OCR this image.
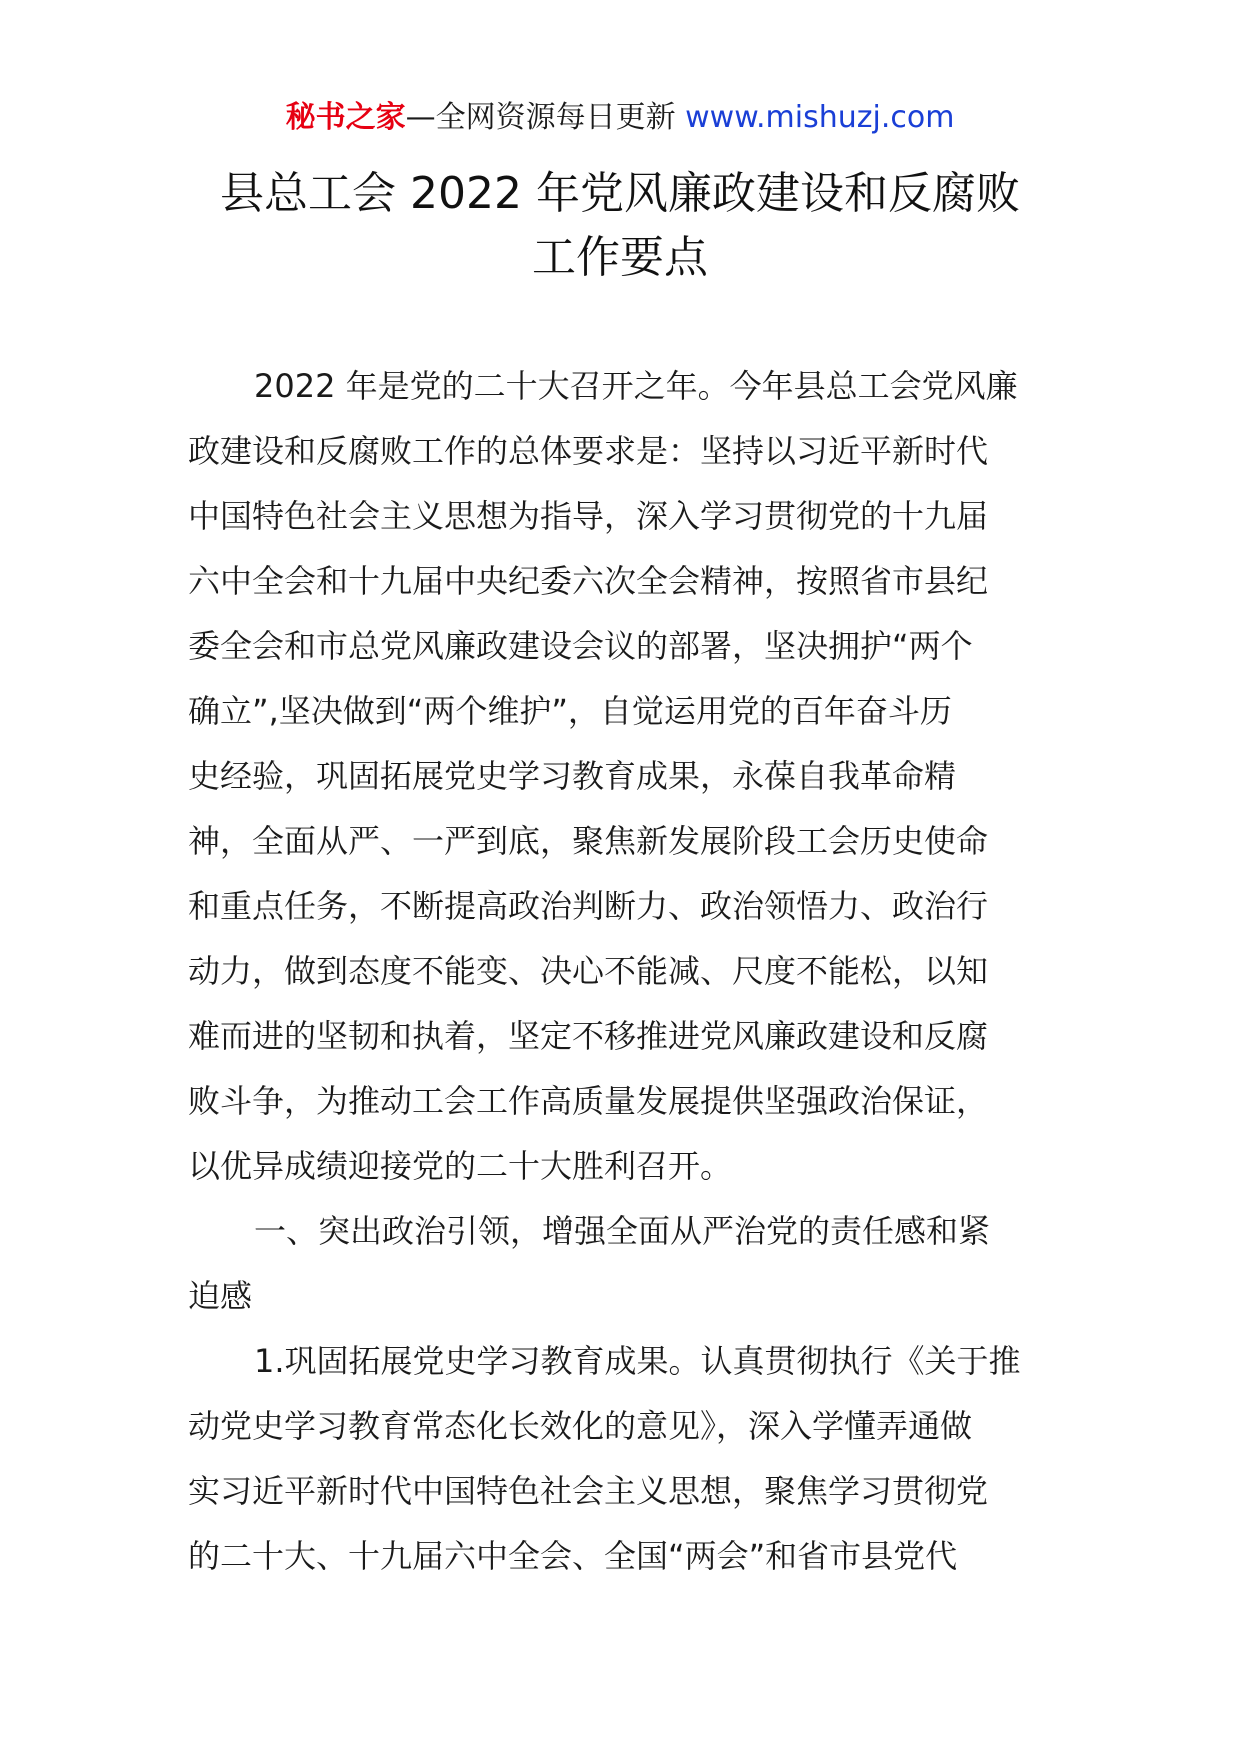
秘书之家—全网资源每日更新 www.mishuzj.com
县总工会 2022 年党风廉政建设和反腐败
工作要点
2022 年是党的二十大召开之年。今年县总工会党风廉
政建设和反腐败工作的总体要求是：坚持以习近平新时代
中国特色社会主义思想为指导，深入学习贯彻党的十九届
六中全会和十九届中央纪委六次全会精神，按照省市县纪
委全会和市总党风廉政建设会议的部署，坚决拥护“两个
确立”,坚决做到“两个维护”，自觉运用党的百年奋斗历
史经验，巩固拓展党史学习教育成果，永葆自我革命精
神，全面从严、一严到底，聚焦新发展阶段工会历史使命
和重点任务，不断提高政治判断力、政治领悟力、政治行
动力，做到态度不能变、决心不能减、尺度不能松，以知
难而进的坚韧和执着，坚定不移推进党风廉政建设和反腐
败斗争，为推动工会工作高质量发展提供坚强政治保证，
以优异成绩迎接党的二十大胜利召开。
一、突出政治引领，增强全面从严治党的责任感和紧
迫感
1.巩固拓展党史学习教育成果。认真贯彻执行《关于推
动党史学习教育常态化长效化的意见》，深入学懂弄通做
实习近平新时代中国特色社会主义思想，聚焦学习贯彻党
的二十大、十九届六中全会、全国“两会”和省市县党代
